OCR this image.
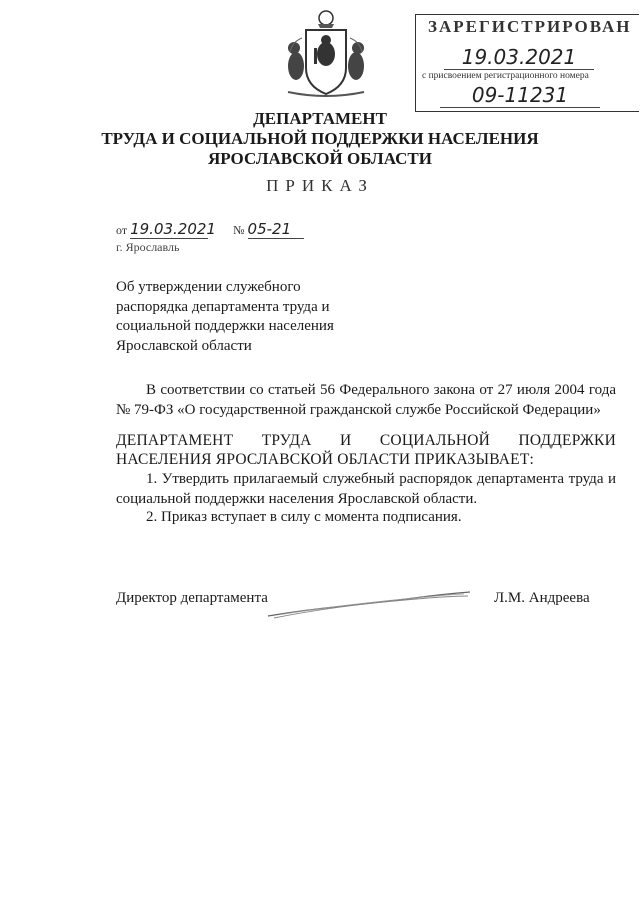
ЗАРЕГИСТРИРОВАН
19.03.2021
с присвоением регистрационного номера
09-11231
ДЕПАРТАМЕНТ
ТРУДА И СОЦИАЛЬНОЙ ПОДДЕРЖКИ НАСЕЛЕНИЯ
ЯРОСЛАВСКОЙ ОБЛАСТИ
ПРИКАЗ
от 19.03.2021 № 05-21
г. Ярославль
Об утверждении служебного распорядка департамента труда и социальной поддержки населения Ярославской области
В соответствии со статьей 56 Федерального закона от 27 июля 2004 года № 79-ФЗ «О государственной гражданской службе Российской Федерации»
ДЕПАРТАМЕНТ ТРУДА И СОЦИАЛЬНОЙ ПОДДЕРЖКИ НАСЕЛЕНИЯ ЯРОСЛАВСКОЙ ОБЛАСТИ ПРИКАЗЫВАЕТ:
1. Утвердить прилагаемый служебный распорядок департамента труда и социальной поддержки населения Ярославской области.
2. Приказ вступает в силу с момента подписания.
Директор департамента	Л.М. Андреева
